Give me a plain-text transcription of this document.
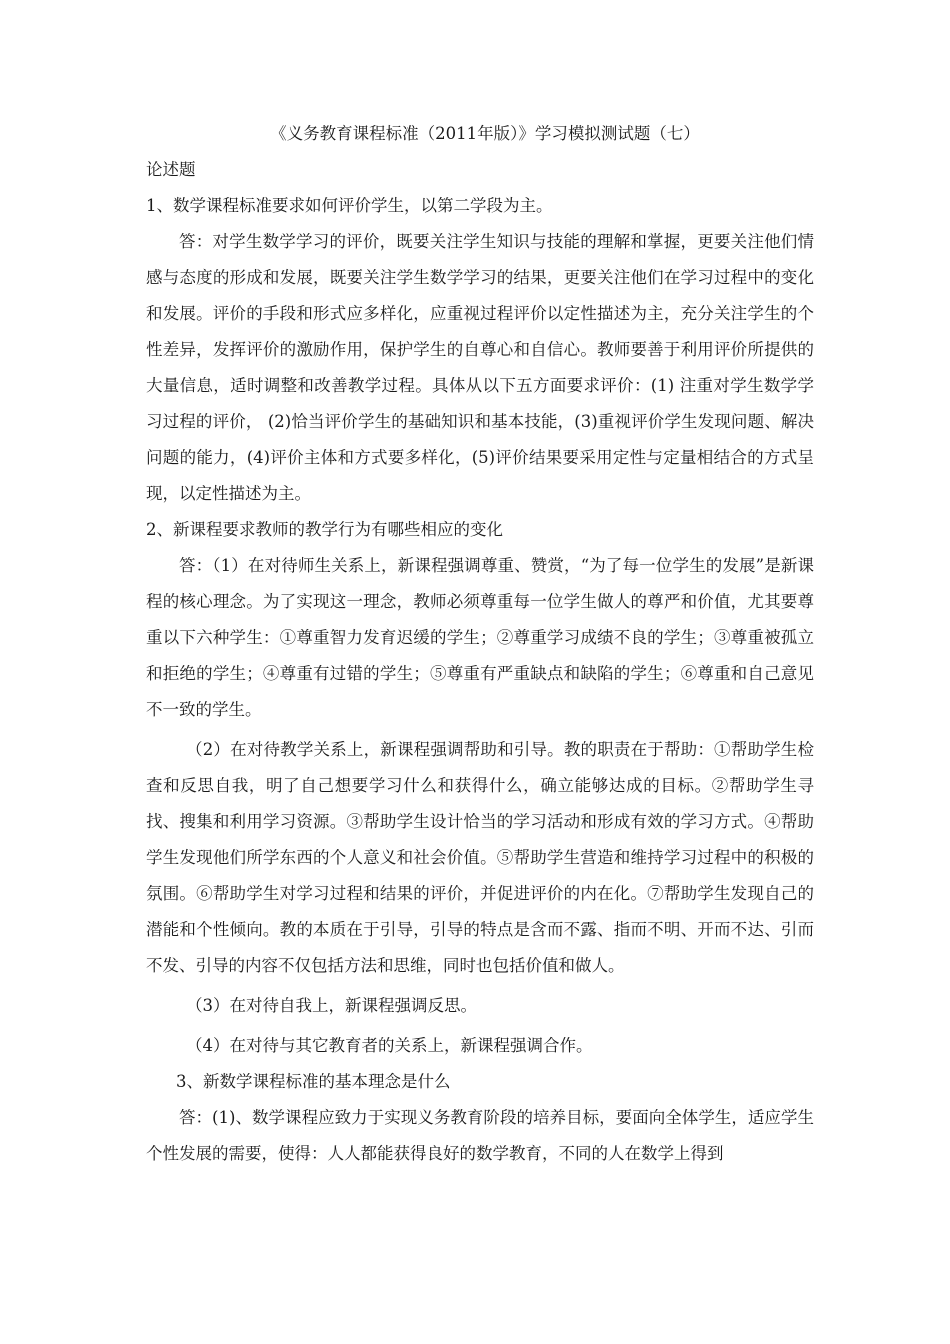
《义务教育课程标准（2011年版）》学习模拟测试题（七）

论述题

1、数学课程标准要求如何评价学生，以第二学段为主。

答：对学生数学学习的评价，既要关注学生知识与技能的理解和掌握，更要关注他们情感与态度的形成和发展，既要关注学生数学学习的结果，更要关注他们在学习过程中的变化和发展。评价的手段和形式应多样化，应重视过程评价以定性描述为主，充分关注学生的个性差异，发挥评价的激励作用，保护学生的自尊心和自信心。教师要善于利用评价所提供的大量信息，适时调整和改善教学过程。具体从以下五方面要求评价：(1) 注重对学生数学学习过程的评价， (2)恰当评价学生的基础知识和基本技能，(3)重视评价学生发现问题、解决问题的能力，(4)评价主体和方式要多样化，(5)评价结果要采用定性与定量相结合的方式呈现，以定性描述为主。

2、新课程要求教师的教学行为有哪些相应的变化

答：（1）在对待师生关系上，新课程强调尊重、赞赏，“为了每一位学生的发展”是新课程的核心理念。为了实现这一理念，教师必须尊重每一位学生做人的尊严和价值，尤其要尊重以下六种学生：①尊重智力发育迟缓的学生；②尊重学习成绩不良的学生；③尊重被孤立和拒绝的学生；④尊重有过错的学生；⑤尊重有严重缺点和缺陷的学生；⑥尊重和自己意见不一致的学生。

（2）在对待教学关系上，新课程强调帮助和引导。教的职责在于帮助：①帮助学生检查和反思自我，明了自己想要学习什么和获得什么，确立能够达成的目标。②帮助学生寻找、搜集和利用学习资源。③帮助学生设计恰当的学习活动和形成有效的学习方式。④帮助学生发现他们所学东西的个人意义和社会价值。⑤帮助学生营造和维持学习过程中的积极的氛围。⑥帮助学生对学习过程和结果的评价，并促进评价的内在化。⑦帮助学生发现自己的潜能和个性倾向。教的本质在于引导，引导的特点是含而不露、指而不明、开而不达、引而不发、引导的内容不仅包括方法和思维，同时也包括价值和做人。

（3）在对待自我上，新课程强调反思。

（4）在对待与其它教育者的关系上，新课程强调合作。

3、新数学课程标准的基本理念是什么

答：(1)、数学课程应致力于实现义务教育阶段的培养目标，要面向全体学生，适应学生个性发展的需要，使得：人人都能获得良好的数学教育，不同的人在数学上得到
